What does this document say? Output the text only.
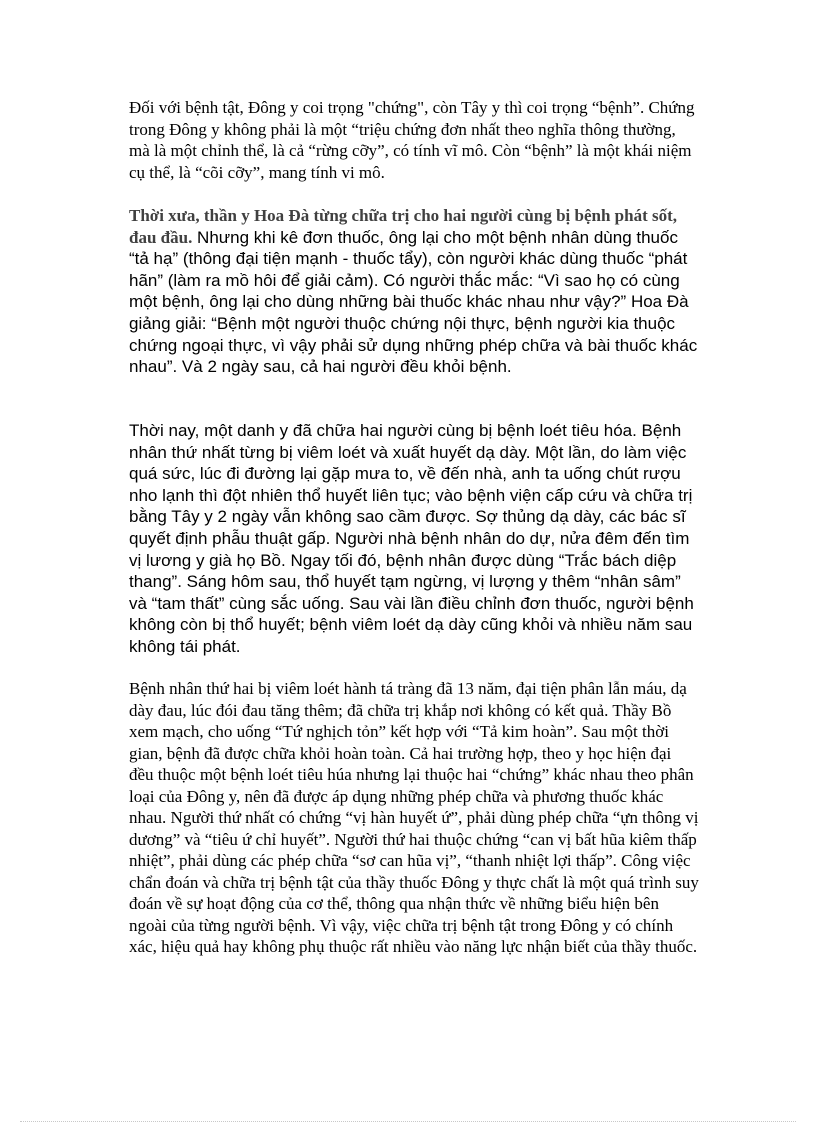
Đối với bệnh tật, Đông y coi trọng "chứng", còn Tây y thì coi trọng “bệnh”. Chứng trong Đông y không phải là một “triệu chứng đơn nhất theo nghĩa thông thường, mà là một chỉnh thể, là cả “rừng cỡy”, có tính vĩ mô. Còn “bệnh” là một khái niệm cụ thể, là “cõi cỡy”, mang tính vi mô.

Thời xưa, thần y Hoa Đà từng chữa trị cho hai người cùng bị bệnh phát sốt, đau đầu. Nhưng khi kê đơn thuốc, ông lại cho một bệnh nhân dùng thuốc “tả hạ” (thông đại tiện mạnh - thuốc tẩy), còn người khác dùng thuốc “phát hãn” (làm ra mồ hôi để giải cảm). Có người thắc mắc: “Vì sao họ có cùng một bệnh, ông lại cho dùng những bài thuốc khác nhau như vậy?” Hoa Đà giảng giải: “Bệnh một người thuộc chứng nội thực, bệnh người kia thuộc chứng ngoại thực, vì vậy phải sử dụng những phép chữa và bài thuốc khác nhau”. Và 2 ngày sau, cả hai người đều khỏi bệnh.

Thời nay, một danh y đã chữa hai người cùng bị bệnh loét tiêu hóa. Bệnh nhân thứ nhất từng bị viêm loét và xuất huyết dạ dày. Một lần, do làm việc quá sức, lúc đi đường lại gặp mưa to, về đến nhà, anh ta uống chút rượu nho lạnh thì đột nhiên thổ huyết liên tục; vào bệnh viện cấp cứu và chữa trị bằng Tây y 2 ngày vẫn không sao cầm được. Sợ thủng dạ dày, các bác sĩ quyết định phẫu thuật gấp. Người nhà bệnh nhân do dự, nửa đêm đến tìm vị lương y già họ Bồ. Ngay tối đó, bệnh nhân được dùng “Trắc bách diệp thang”. Sáng hôm sau, thổ huyết tạm ngừng, vị lượng y thêm “nhân sâm” và “tam thất” cùng sắc uống. Sau vài lần điều chỉnh đơn thuốc, người bệnh không còn bị thổ huyết; bệnh viêm loét dạ dày cũng khỏi và nhiều năm sau không tái phát.

Bệnh nhân thứ hai bị viêm loét hành tá tràng đã 13 năm, đại tiện phân lẫn máu, dạ dày đau, lúc đói đau tăng thêm; đã chữa trị khắp nơi không có kết quả. Thầy Bồ xem mạch, cho uống “Tứ nghịch tỏn” kết hợp với “Tả kim hoàn”. Sau một thời gian, bệnh đã được chữa khỏi hoàn toàn. Cả hai trường hợp, theo y học hiện đại đều thuộc một bệnh loét tiêu húa nhưng lại thuộc hai “chứng” khác nhau theo phân loại của Đông y, nên đã được áp dụng những phép chữa và phương thuốc khác nhau. Người thứ nhất có chứng “vị hàn huyết ứ”, phải dùng phép chữa “ựn thông vị dương” và “tiêu ứ chỉ huyết”. Người thứ hai thuộc chứng “can vị bất hũa kiêm thấp nhiệt”, phải dùng các phép chữa “sơ can hũa vị”, “thanh nhiệt lợi thấp”. Công việc chẩn đoán và chữa trị bệnh tật của thầy thuốc Đông y thực chất là một quá trình suy đoán về sự hoạt động của cơ thể, thông qua nhận thức về những biểu hiện bên ngoài của từng người bệnh. Vì vậy, việc chữa trị bệnh tật trong Đông y có chính xác, hiệu quả hay không phụ thuộc rất nhiều vào năng lực nhận biết của thầy thuốc.
